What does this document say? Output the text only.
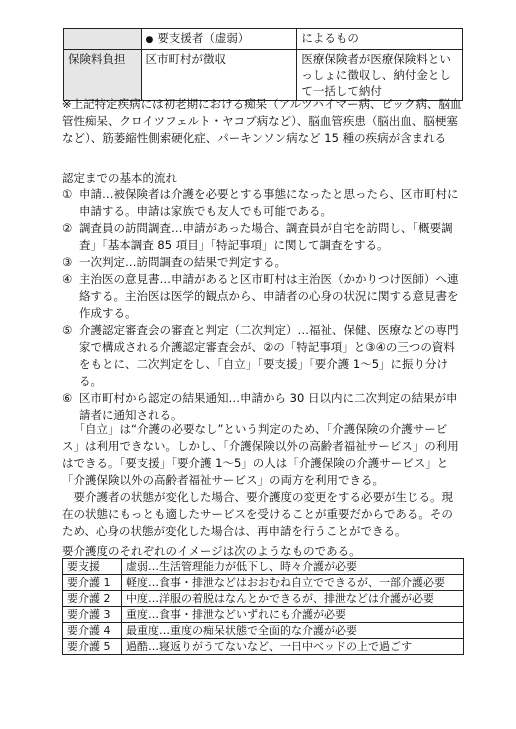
	● 要支援者（虚弱）	によるもの
保険料負担	区市町村が徴収	医療保険者が医療保険料といっしょに徴収し、納付金として一括して納付
※上記特定疾病には初老期における痴呆（アルツハイマー病、ピック病、脳血管性痴呆、クロイツフェルト・ヤコブ病など）、脳血管疾患（脳出血、脳梗塞など）、筋萎縮性側索硬化症、パーキンソン病など 15 種の疾病が含まれる
認定までの基本的流れ
① 申請…被保険者は介護を必要とする事態になったと思ったら、区市町村に申請する。申請は家族でも友人でも可能である。
② 調査員の訪問調査…申請があった場合、調査員が自宅を訪問し、「概要調査」「基本調査 85 項目」「特記事項」に関して調査をする。
③ 一次判定…訪問調査の結果で判定する。
④ 主治医の意見書…申請があると区市町村は主治医（かかりつけ医師）へ連絡する。主治医は医学的観点から、申請者の心身の状況に関する意見書を作成する。
⑤ 介護認定審査会の審査と判定（二次判定）…福祉、保健、医療などの専門家で構成される介護認定審査会が、②の「特記事項」と③④の三つの資料をもとに、二次判定をし、「自立」「要支援」「要介護 1〜5」に振り分ける。
⑥ 区市町村から認定の結果通知…申請から 30 日以内に二次判定の結果が申請者に通知される。

「自立」は“介護の必要なし”という判定のため、「介護保険の介護サービス」は利用できない。しかし、「介護保険以外の高齢者福祉サービス」の利用はできる。「要支援」「要介護 1〜5」の人は「介護保険の介護サービス」と「介護保険以外の高齢者福祉サービス」の両方を利用できる。

要介護者の状態が変化した場合、要介護度の変更をする必要が生じる。現在の状態にもっとも適したサービスを受けることが重要だからである。そのため、心身の状態が変化した場合は、再申請を行うことができる。

要介護度のそれぞれのイメージは次のようなものである。
要支援	虚弱…生活管理能力が低下し、時々介護が必要
要介護 1	軽度…食事・排泄などはおおむね自立でできるが、一部介護必要
要介護 2	中度…洋服の着脱はなんとかできるが、排泄などは介護が必要
要介護 3	重度…食事・排泄などいずれにも介護が必要
要介護 4	最重度…重度の痴呆状態で全面的な介護が必要
要介護 5	過酷…寝返りがうてないなど、一日中ベッドの上で過ごす
